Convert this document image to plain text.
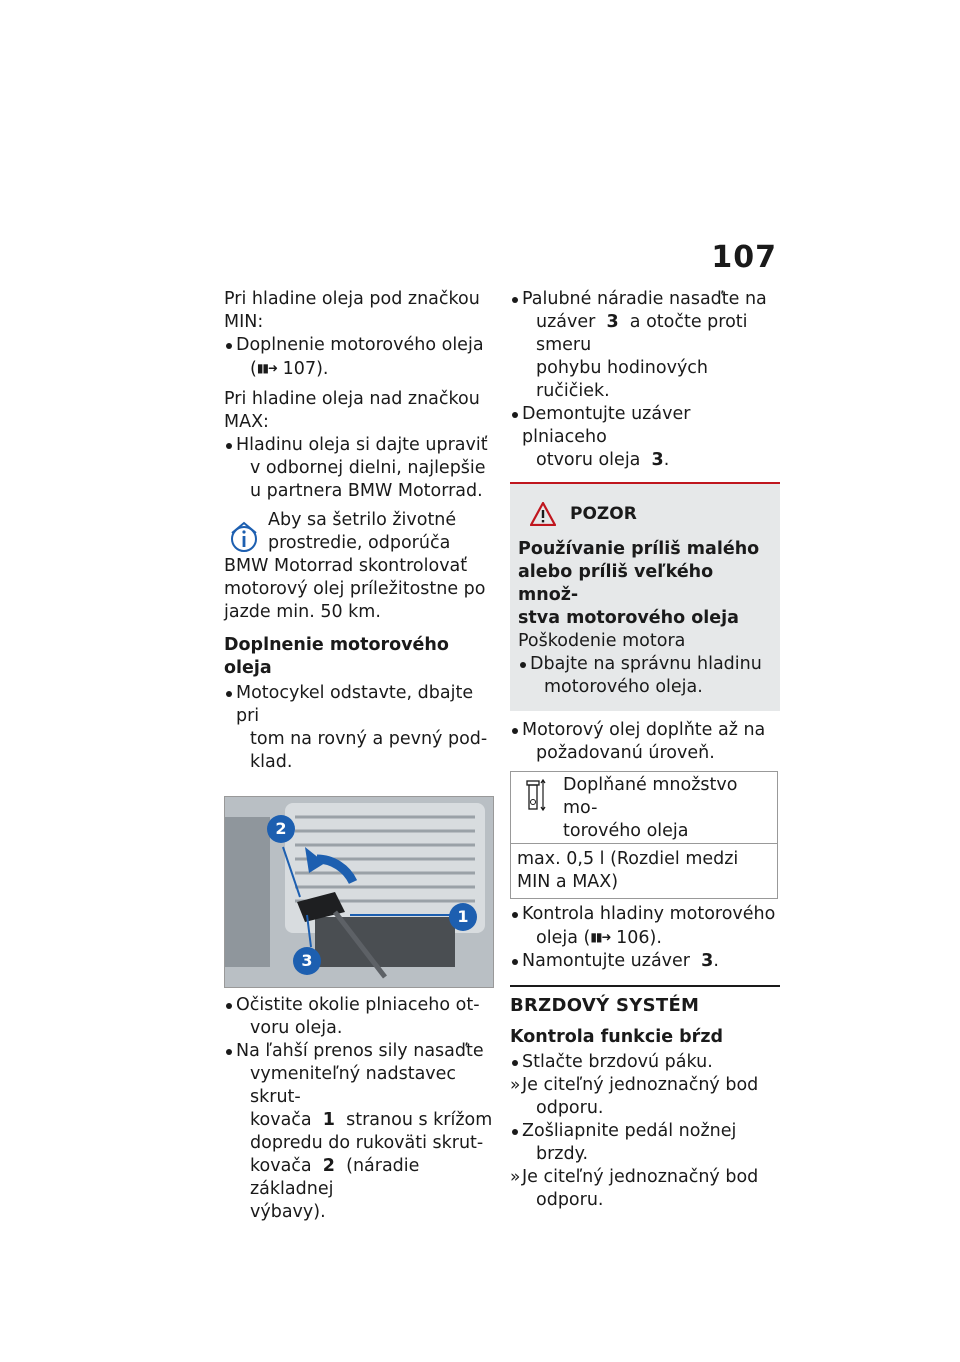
107

Pri hladine oleja pod značkou MIN:

Doplnenie motorového oleja
(▮▮➜ 107).

Pri hladine oleja nad značkou MAX:

Hladinu oleja si dajte upraviť
v odbornej dielni, najlepšie
u partnera BMW Motorrad.

Aby sa šetrilo životné

prostredie, odporúča

BMW Motorrad skontrolovať

motorový olej príležitostne po

jazde min. 50 km.

Doplnenie motorového oleja
Motocykel odstavte, dbajte pri
tom na rovný a pevný pod-
klad.
1
2
3
Očistite okolie plniaceho ot-
voru oleja.
Na ľahší prenos sily nasaďte
vymeniteľný nadstavec skrut-
kovača 1 stranou s krížom
dopredu do rukoväti skrut-
kovača 2 (náradie základnej
výbavy).
Palubné náradie nasaďte na
uzáver 3 a otočte proti smeru
pohybu hodinových ručičiek.
Demontujte uzáver plniaceho
otvoru oleja 3.
POZOR

Používanie príliš malého

alebo príliš veľkého množ-

stva motorového oleja

Poškodenie motora

Dbajte na správnu hladinu
motorového oleja.
Motorový olej doplňte až na
požadovanú úroveň.

Doplňané množstvo mo-

torového oleja

max. 0,5 l (Rozdiel medzi

MIN a MAX)

Kontrola hladiny motorového
oleja (▮▮➜ 106).
Namontujte uzáver 3.
BRZDOVÝ SYSTÉM
Kontrola funkcie bŕzd
Stlačte brzdovú páku.
» Je citeľný jednoznačný bod
odporu.
Zošliapnite pedál nožnej
brzdy.
» Je citeľný jednoznačný bod
odporu.
